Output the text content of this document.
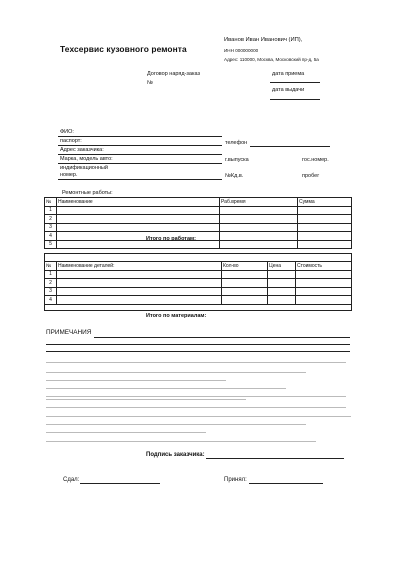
Техсервис кузовного ремонта
Иванов Иван Иванович (ИП),
ИНН 000000000
Адрес: 110000, Москва, Московский пр-д, 5а
Договор наряд-заказ
№
дата приема
дата выдачи
ФИО:
паспорт:	телефон
Адрес заказчика:
Марка, модель авто:	г.выпуска	гос.номер.
индификационный
номер.	№Кд.в.	пробег
Ремонтные работы:
№	Наименование	Раб.время	Сумма
1			
2			
3			
4			
5			
Итого по работам:
№	Наименование деталей:	Кол-во	Цена	Стоимость
1				
2				
3				
4				
Итого по материалам:
ПРИМЕЧАНИЯ
Подпись заказчика:
Сдал:	Принял:
